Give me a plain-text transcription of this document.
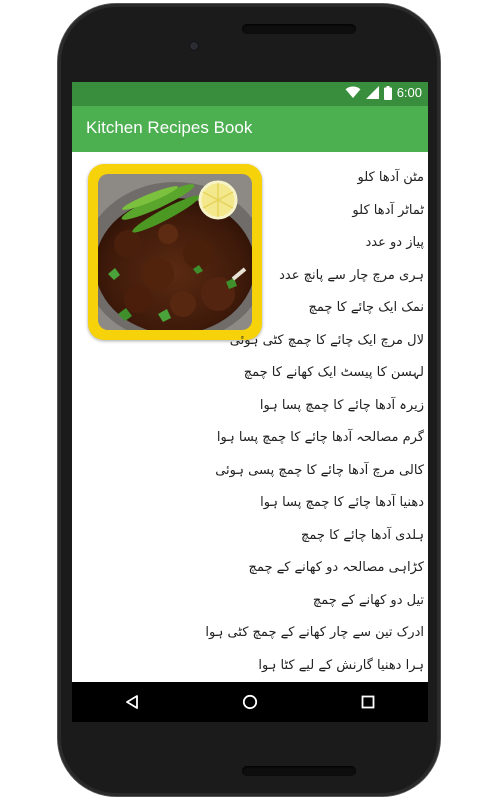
6:00
Kitchen Recipes Book
مٹن آدھا کلو
ٹماٹر آدھا کلو
پیاز دو عدد
ہری مرچ چار سے پانچ عدد
نمک ایک چائے کا چمچ
لال مرچ ایک چائے کا چمچ کٹی ہوئی
لہسن کا پیسٹ ایک کھانے کا چمچ
زیرہ آدھا چائے کا چمچ پسا ہوا
گرم مصالحہ آدھا چائے کا چمچ پسا ہوا
کالی مرچ آدھا چائے کا چمچ پسی ہوئی
دھنیا آدھا چائے کا چمچ پسا ہوا
ہلدی آدھا چائے کا چمچ
کڑاہی مصالحہ دو کھانے کے چمچ
تیل دو کھانے کے چمچ
ادرک تین سے چار کھانے کے چمچ کٹی ہوا
ہرا دھنیا گارنش کے لیے کٹا ہوا
